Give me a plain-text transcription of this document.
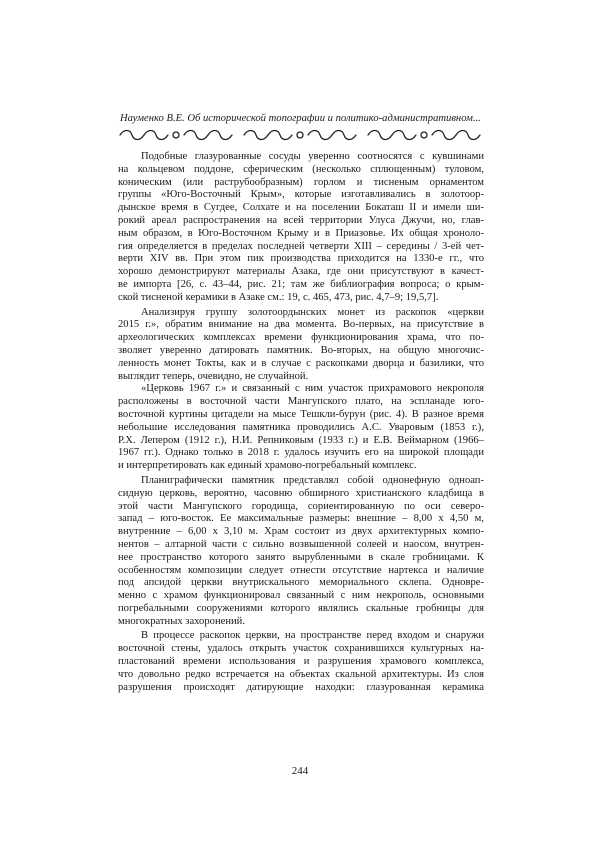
Науменко В.Е. Об исторической топографии и политико-административном...
Подобные глазурованные сосуды уверенно соотносятся с кувшинами
на кольцевом поддоне, сферическим (несколько сплющенным) туловом,
коническим (или раструбообразным) горлом и тисненым орнаментом
группы «Юго-Восточный Крым», которые изготавливались в золотоор-
дынское время в Сугдее, Солхате и на поселении Бокаташ II и имели ши-
рокий ареал распространения на всей территории Улуса Джучи, но, глав-
ным образом, в Юго-Восточном Крыму и в Приазовье. Их общая хроноло-
гия определяется в пределах последней четверти XIII – середины / 3-ей чет-
верти XIV вв. При этом пик производства приходится на 1330-е гг., что
хорошо демонстрируют материалы Азака, где они присутствуют в качест-
ве импорта [26, с. 43–44, рис. 21; там же библиография вопроса; о крым-
ской тисненой керамики в Азаке см.: 19, с. 465, 473, рис. 4,7–9; 19,5,7].
Анализируя группу золотоордынских монет из раскопок «церкви
2015 г.», обратим внимание на два момента. Во-первых, на присутствие в
археологических комплексах времени функционирования храма, что по-
зволяет уверенно датировать памятник. Во-вторых, на общую многочис-
ленность монет Токты, как и в случае с раскопками дворца и базилики, что
выглядит теперь, очевидно, не случайной.
«Церковь 1967 г.» и связанный с ним участок прихрамового некрополя
расположены в восточной части Мангупского плато, на эспланаде юго-
восточной куртины цитадели на мысе Тешкли-бурун (рис. 4). В разное время
небольшие исследования памятника проводились А.С. Уваровым (1853 г.),
Р.Х. Лепером (1912 г.), Н.И. Репниковым (1933 г.) и Е.В. Веймарном (1966–
1967 гг.). Однако только в 2018 г. удалось изучить его на широкой площади
и интерпретировать как единый храмово-погребальный комплекс.
Планиграфически памятник представлял собой однонефную одноап-
сидную церковь, вероятно, часовню обширного христианского кладбища в
этой части Мангупского городища, сориентированную по оси северо-
запад – юго-восток. Ее максимальные размеры: внешние – 8,00 х 4,50 м,
внутренние – 6,00 х 3,10 м. Храм состоит из двух архитектурных компо-
нентов – алтарной части с сильно возвышенной солеей и наосом, внутрен-
нее пространство которого занято вырубленными в скале гробницами. К
особенностям композиции следует отнести отсутствие нартекса и наличие
под апсидой церкви внутрискального мемориального склепа. Одновре-
менно с храмом функционировал связанный с ним некрополь, основными
погребальными сооружениями которого являлись скальные гробницы для
многократных захоронений.
В процессе раскопок церкви, на пространстве перед входом и снаружи
восточной стены, удалось открыть участок сохранившихся культурных на-
пластований времени использования и разрушения храмового комплекса,
что довольно редко встречается на объектах скальной архитектуры. Из слоя
разрушения происходят датирующие находки: глазурованная керамика
244
